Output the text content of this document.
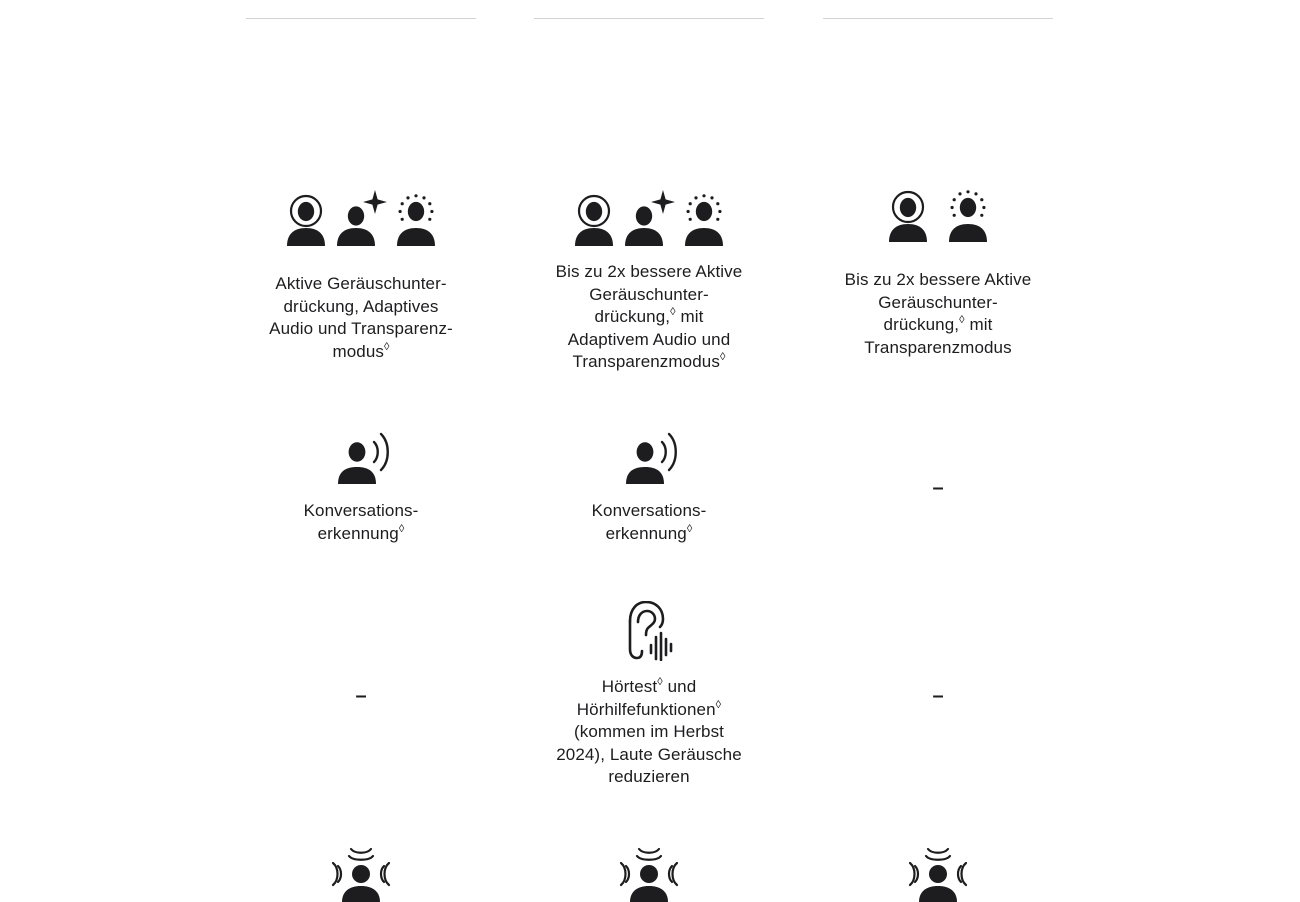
Aktive Geräuschunter-
drückung, Adaptives
Audio und Transparenz-
modus◊
Konversations-
erkennung◊
–
Bis zu 2x bessere Aktive
Geräuschunter-
drückung,◊ mit
Adaptivem Audio und
Transparenzmodus◊
Konversations-
erkennung◊
Hörtest◊ und
Hörhilfefunktionen◊
(kommen im Herbst
2024), Laute Geräusche
reduzieren
Bis zu 2x bessere Aktive
Geräuschunter-
drückung,◊ mit
Transparenzmodus
–
–
